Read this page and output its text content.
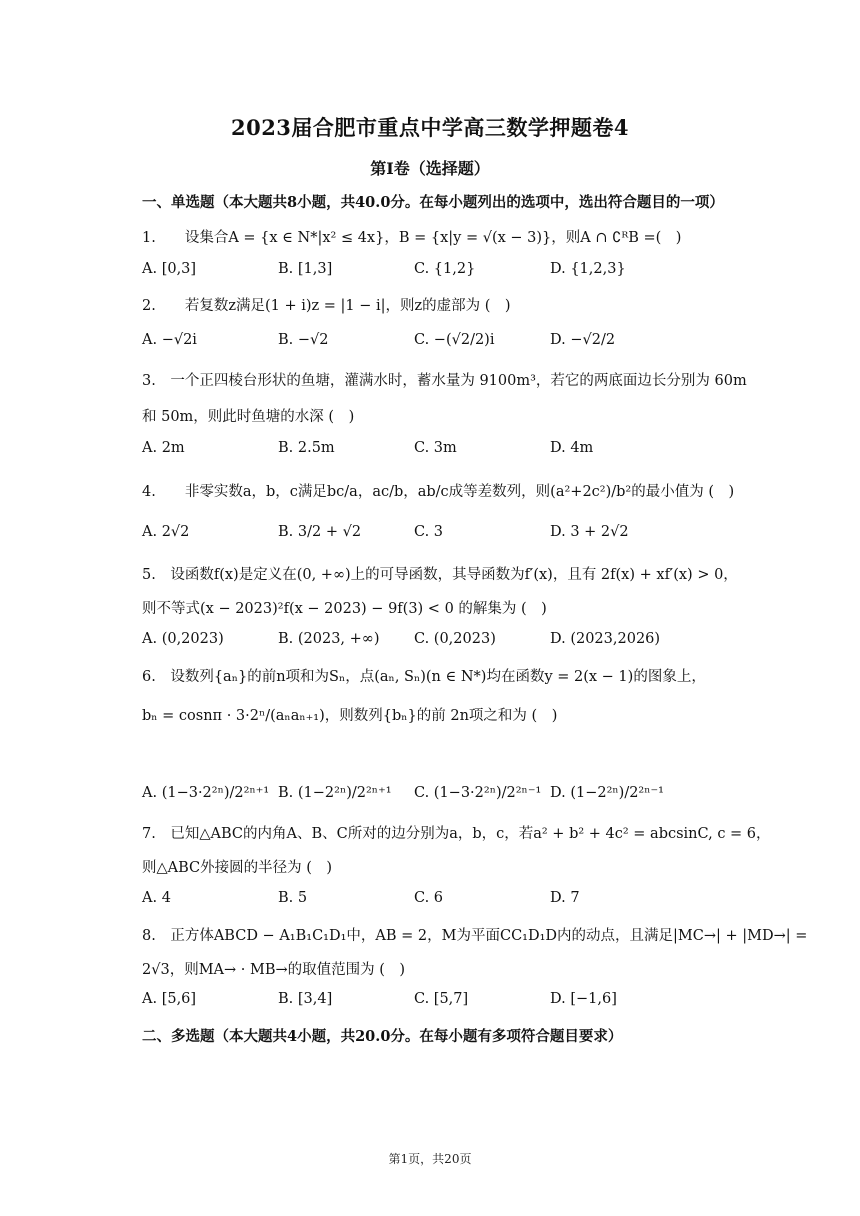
2023届合肥市重点中学高三数学押题卷4
第I卷（选择题）
一、单选题（本大题共8小题，共40.0分。在每小题列出的选项中，选出符合题目的一项）
1.　　设集合A = {x ∈ N*|x² ≤ 4x}，B = {x|y = √(x − 3)}，则A ∩ ∁ᴿB =(　)
A. [0,3]	B. [1,3]	C. {1,2}	D. {1,2,3}
2.　　若复数z满足(1 + i)z = |1 − i|，则z的虚部为 (　)
A. −√2i	B. −√2	C. −(√2/2)i	D. −√2/2
3.　一个正四棱台形状的鱼塘，灌满水时，蓄水量为 9100m³，若它的两底面边长分别为 60m
和 50m，则此时鱼塘的水深 (　)
A. 2m	B. 2.5m	C. 3m	D. 4m
4.　　非零实数a，b，c满足bc/a，ac/b，ab/c成等差数列，则(a²+2c²)/b²的最小值为 (　)
A. 2√2	B. 3/2 + √2	C. 3	D. 3 + 2√2
5.　设函数f(x)是定义在(0, +∞)上的可导函数，其导函数为f′(x)，且有 2f(x) + xf′(x) > 0，
则不等式(x − 2023)²f(x − 2023) − 9f(3) < 0 的解集为 (　)
A. (0,2023)	B. (2023, +∞) C. (0,2023)	D. (2023,2026)
6.　设数列{aₙ}的前n项和为Sₙ，点(aₙ, Sₙ)(n ∈ N*)均在函数y = 2(x − 1)的图象上，
bₙ = cosnπ · 3·2ⁿ/(aₙaₙ₊₁)，则数列{bₙ}的前 2n项之和为 (　)
A. (1−3·2²ⁿ)/2²ⁿ⁺¹ B. (1−2²ⁿ)/2²ⁿ⁺¹ C. (1−3·2²ⁿ)/2²ⁿ⁻¹ D. (1−2²ⁿ)/2²ⁿ⁻¹
7.　已知△ABC的内角A、B、C所对的边分别为a，b，c，若a² + b² + 4c² = abcsinC, c = 6，
则△ABC外接圆的半径为 (　)
A. 4	B. 5	C. 6	D. 7
8.　正方体ABCD − A₁B₁C₁D₁中，AB = 2，M为平面CC₁D₁D内的动点，且满足|MC→| + |MD→| =
2√3，则MA→ · MB→的取值范围为 (　)
A. [5,6]	B. [3,4]	C. [5,7]	D. [−1,6]
二、多选题（本大题共4小题，共20.0分。在每小题有多项符合题目要求）
第1页，共20页
